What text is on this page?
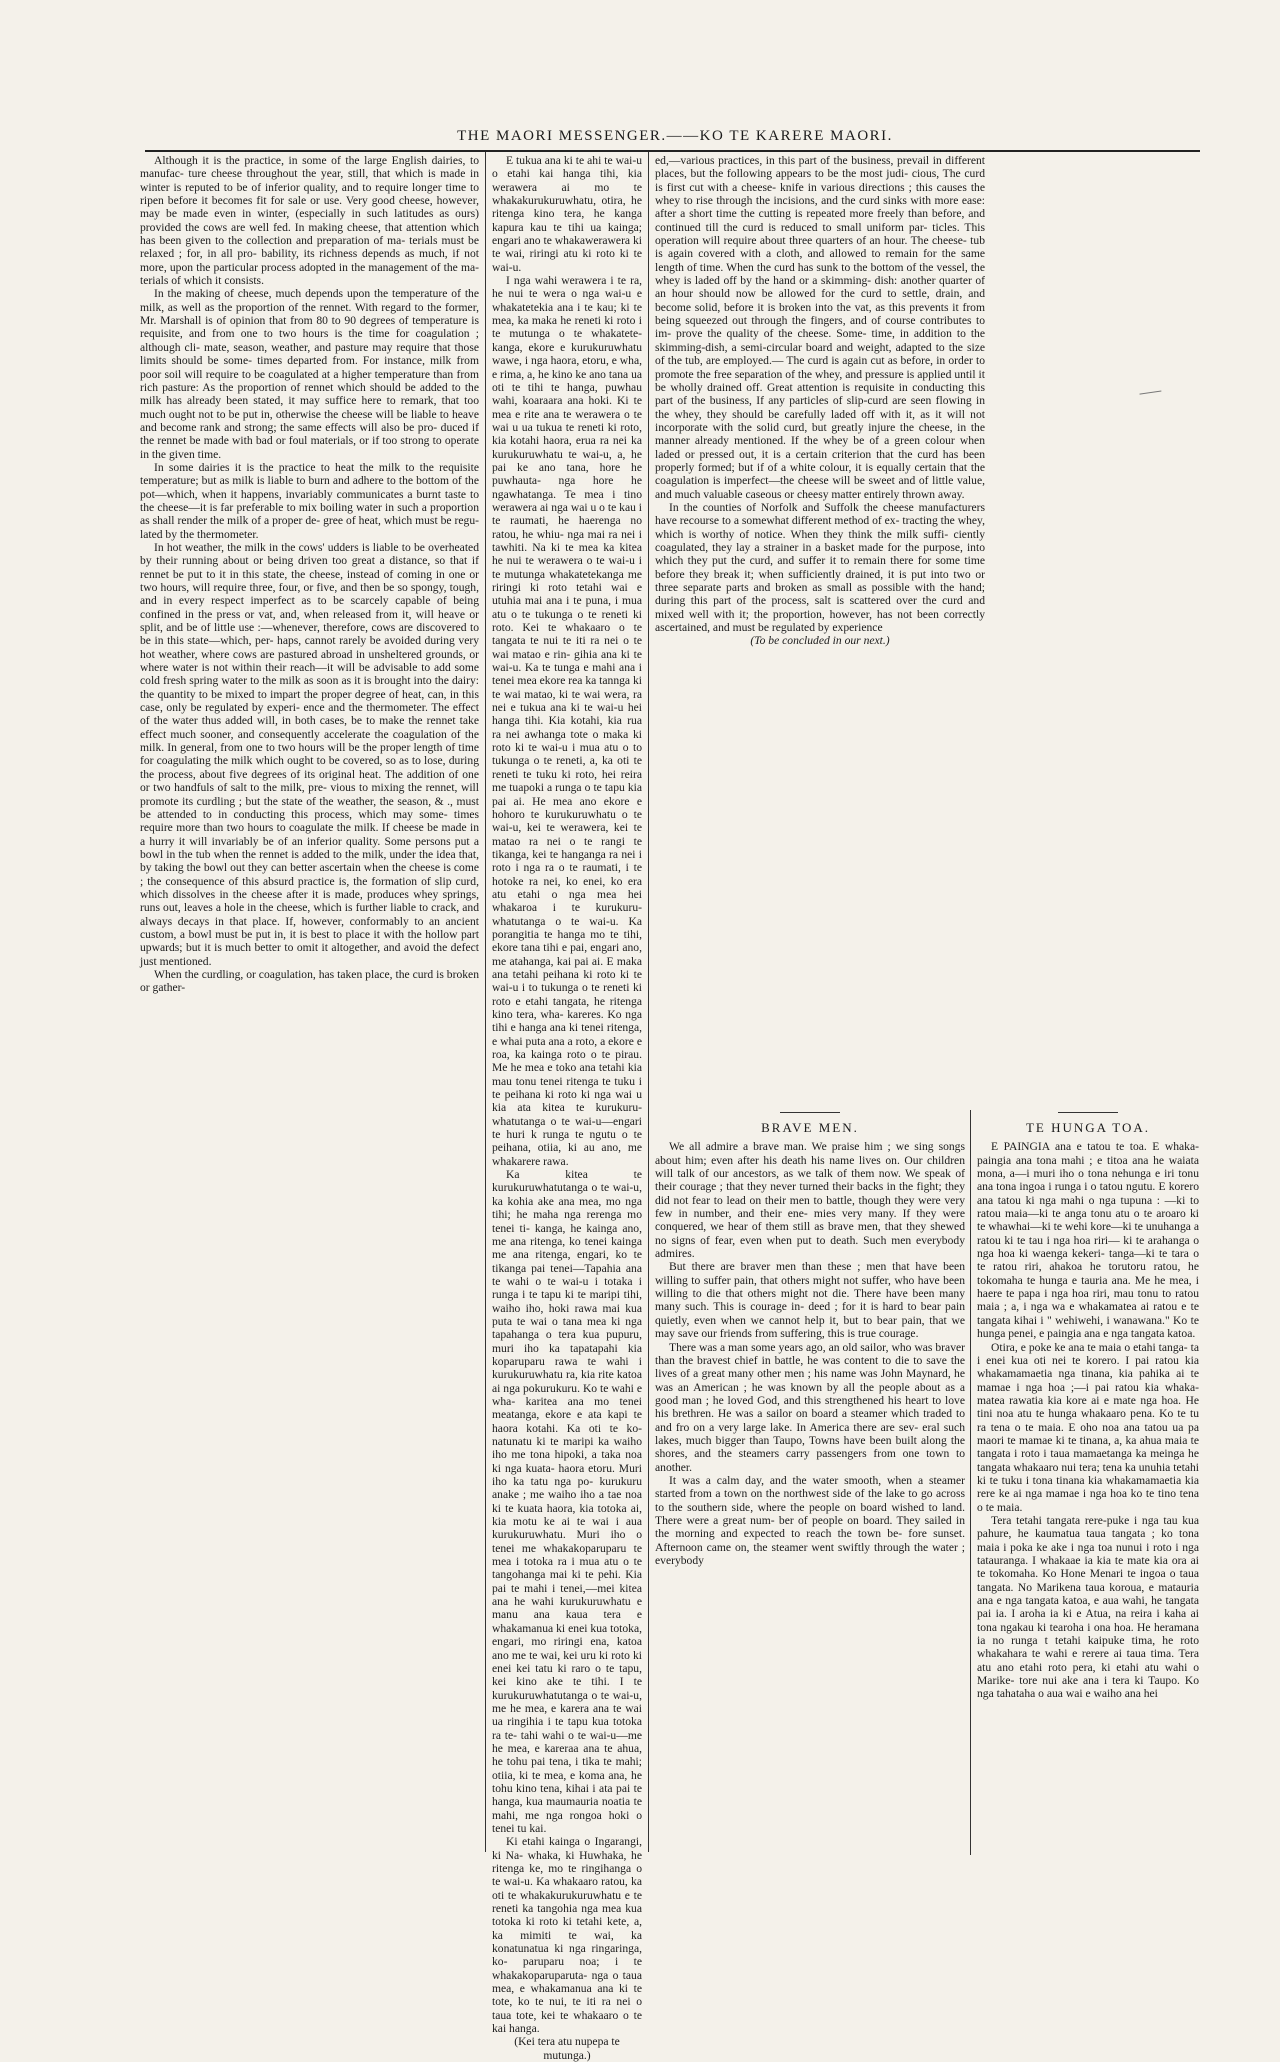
THE MAORI MESSENGER.——KO TE KARERE MAORI.

Although it is the practice, in some of the large English dairies, to manufac- ture cheese throughout the year, still, that which is made in winter is reputed to be of inferior quality, and to require longer time to ripen before it becomes fit for sale or use. Very good cheese, however, may be made even in winter, (especially in such latitudes as ours) provided the cows are well fed. In making cheese, that attention which has been given to the collection and preparation of ma- terials must be relaxed ; for, in all pro- bability, its richness depends as much, if not more, upon the particular process adopted in the management of the ma- terials of which it consists.

In the making of cheese, much depends upon the temperature of the milk, as well as the proportion of the rennet. With regard to the former, Mr. Marshall is of opinion that from 80 to 90 degrees of temperature is requisite, and from one to two hours is the time for coagulation ; although cli- mate, season, weather, and pasture may require that those limits should be some- times departed from. For instance, milk from poor soil will require to be coagulated at a higher temperature than from rich pasture: As the proportion of rennet which should be added to the milk has already been stated, it may suffice here to remark, that too much ought not to be put in, otherwise the cheese will be liable to heave and become rank and strong; the same effects will also be pro- duced if the rennet be made with bad or foul materials, or if too strong to operate in the given time.

In some dairies it is the practice to heat the milk to the requisite temperature; but as milk is liable to burn and adhere to the bottom of the pot—which, when it happens, invariably communicates a burnt taste to the cheese—it is far preferable to mix boiling water in such a proportion as shall render the milk of a proper de- gree of heat, which must be regu- lated by the thermometer.

In hot weather, the milk in the cows' udders is liable to be overheated by their running about or being driven too great a distance, so that if rennet be put to it in this state, the cheese, instead of coming in one or two hours, will require three, four, or five, and then be so spongy, tough, and in every respect imperfect as to be scarcely capable of being confined in the press or vat, and, when released from it, will heave or split, and be of little use :—whenever, therefore, cows are discovered to be in this state—which, per- haps, cannot rarely be avoided during very hot weather, where cows are pastured abroad in unsheltered grounds, or where water is not within their reach—it will be advisable to add some cold fresh spring water to the milk as soon as it is brought into the dairy: the quantity to be mixed to impart the proper degree of heat, can, in this case, only be regulated by experi- ence and the thermometer. The effect of the water thus added will, in both cases, be to make the rennet take effect much sooner, and consequently accelerate the coagulation of the milk. In general, from one to two hours will be the proper length of time for coagulating the milk which ought to be covered, so as to lose, during the process, about five degrees of its original heat. The addition of one or two handfuls of salt to the milk, pre- vious to mixing the rennet, will promote its curdling ; but the state of the weather, the season, & ., must be attended to in conducting this process, which may some- times require more than two hours to coagulate the milk. If cheese be made in a hurry it will invariably be of an inferior quality. Some persons put a bowl in the tub when the rennet is added to the milk, under the idea that, by taking the bowl out they can better ascertain when the cheese is come ; the consequence of this absurd practice is, the formation of slip curd, which dissolves in the cheese after it is made, produces whey springs, runs out, leaves a hole in the cheese, which is further liable to crack, and always decays in that place. If, however, conformably to an ancient custom, a bowl must be put in, it is best to place it with the hollow part upwards; but it is much better to omit it altogether, and avoid the defect just mentioned.

When the curdling, or coagulation, has taken place, the curd is broken or gather-

E tukua ana ki te ahi te wai-u o etahi kai hanga tihi, kia werawera ai mo te whakakurukuruwhatu, otira, he ritenga kino tera, he kanga kapura kau te tihi ua kainga; engari ano te whakawerawera ki te wai, riringi atu ki roto ki te wai-u.

I nga wahi werawera i te ra, he nui te wera o nga wai-u e whakatetekia ana i te kau; ki te mea, ka maka he reneti ki roto i te mutunga o te whakatete- kanga, ekore e kurukuruwhatu wawe, i nga haora, etoru, e wha, e rima, a, he kino ke ano tana ua oti te tihi te hanga, puwhau wahi, koaraara ana hoki. Ki te mea e rite ana te werawera o te wai u ua tukua te reneti ki roto, kia kotahi haora, erua ra nei ka kurukuruwhatu te wai-u, a, he pai ke ano tana, hore he puwhauta- nga hore he ngawhatanga. Te mea i tino werawera ai nga wai u o te kau i te raumati, he haerenga no ratou, he whiu- nga mai ra nei i tawhiti. Na ki te mea ka kitea he nui te werawera o te wai-u i te mutunga whakatetekanga me riringi ki roto tetahi wai e utuhia mai ana i te puna, i mua atu o te tukunga o te reneti ki roto. Kei te whakaaro o te tangata te nui te iti ra nei o te wai matao e rin- gihia ana ki te wai-u. Ka te tunga e mahi ana i tenei mea ekore rea ka tannga ki te wai matao, ki te wai wera, ra nei e tukua ana ki te wai-u hei hanga tihi. Kia kotahi, kia rua ra nei awhanga tote o maka ki roto ki te wai-u i mua atu o to tukunga o te reneti, a, ka oti te reneti te tuku ki roto, hei reira me tuapoki a runga o te tapu kia pai ai. He mea ano ekore e hohoro te kurukuruwhatu o te wai-u, kei te werawera, kei te matao ra nei o te rangi te tikanga, kei te hanganga ra nei i roto i nga ra o te raumati, i te hotoke ra nei, ko enei, ko era atu etahi o nga mea hei whakaroa i te kurukuru- whatutanga o te wai-u. Ka porangitia te hanga mo te tihi, ekore tana tihi e pai, engari ano, me atahanga, kai pai ai. E maka ana tetahi peihana ki roto ki te wai-u i to tukunga o te reneti ki roto e etahi tangata, he ritenga kino tera, wha- kareres. Ko nga tihi e hanga ana ki tenei ritenga, e whai puta ana a roto, a ekore e roa, ka kainga roto o te pirau. Me he mea e toko ana tetahi kia mau tonu tenei ritenga te tuku i te peihana ki roto ki nga wai u kia ata kitea te kurukuru- whatutanga o te wai-u—engari te huri k runga te ngutu o te peihana, otiia, ki au ano, me whakarere rawa.

Ka kitea te kurukuruwhatutanga o te wai-u, ka kohia ake ana mea, mo nga tihi; he maha nga rerenga mo tenei ti- kanga, he kainga ano, me ana ritenga, ko tenei kainga me ana ritenga, engari, ko te tikanga pai tenei—Tapahia ana te wahi o te wai-u i totaka i runga i te tapu ki te maripi tihi, waiho iho, hoki rawa mai kua puta te wai o tana mea ki nga tapahanga o tera kua pupuru, muri iho ka tapatapahi kia koparuparu rawa te wahi i kurukuruwhatu ra, kia rite katoa ai nga pokurukuru. Ko te wahi e wha- karitea ana mo tenei meatanga, ekore e ata kapi te haora kotahi. Ka oti te ko- natunatu ki te maripi ka waiho iho me tona hipoki, a taka noa ki nga kuata- haora etoru. Muri iho ka tatu nga po- kurukuru anake ; me waiho iho a tae noa ki te kuata haora, kia totoka ai, kia motu ke ai te wai i aua kurukuruwhatu. Muri iho o tenei me whakakoparuparu te mea i totoka ra i mua atu o te tangohanga mai ki te pehi. Kia pai te mahi i tenei,—mei kitea ana he wahi kurukuruwhatu e manu ana kaua tera e whakamanua ki enei kua totoka, engari, mo riringi ena, katoa ano me te wai, kei uru ki roto ki enei kei tatu ki raro o te tapu, kei kino ake te tihi. I te kurukuruwhatutanga o te wai-u, me he mea, e karera ana te wai ua ringihia i te tapu kua totoka ra te- tahi wahi o te wai-u—me he mea, e kareraa ana te ahua, he tohu pai tena, i tika te mahi; otiia, ki te mea, e koma ana, he tohu kino tena, kihai i ata pai te hanga, kua maumauria noatia te mahi, me nga rongoa hoki o tenei tu kai.

Ki etahi kainga o Ingarangi, ki Na- whaka, ki Huwhaka, he ritenga ke, mo te ringihanga o te wai-u. Ka whakaaro ratou, ka oti te whakakurukuruwhatu e te reneti ka tangohia nga mea kua totoka ki roto ki tetahi kete, a, ka mimiti te wai, ka konatunatua ki nga ringaringa, ko- paruparu noa; i te whakakoparuparuta- nga o taua mea, e whakamanua ana ki te tote, ko te nui, te iti ra nei o taua tote, kei te whakaaro o te kai hanga.

(Kei tera atu nupepa te mutunga.)

ed,—various practices, in this part of the business, prevail in different places, but the following appears to be the most judi- cious, The curd is first cut with a cheese- knife in various directions ; this causes the whey to rise through the incisions, and the curd sinks with more ease: after a short time the cutting is repeated more freely than before, and continued till the curd is reduced to small uniform par- ticles. This operation will require about three quarters of an hour. The cheese- tub is again covered with a cloth, and allowed to remain for the same length of time. When the curd has sunk to the bottom of the vessel, the whey is laded off by the hand or a skimming- dish: another quarter of an hour should now be allowed for the curd to settle, drain, and become solid, before it is broken into the vat, as this prevents it from being squeezed out through the fingers, and of course contributes to im- prove the quality of the cheese. Some- time, in addition to the skimming-dish, a semi-circular board and weight, adapted to the size of the tub, are employed.— The curd is again cut as before, in order to promote the free separation of the whey, and pressure is applied until it be wholly drained off. Great attention is requisite in conducting this part of the business, If any particles of slip-curd are seen flowing in the whey, they should be carefully laded off with it, as it will not incorporate with the solid curd, but greatly injure the cheese, in the manner already mentioned. If the whey be of a green colour when laded or pressed out, it is a certain criterion that the curd has been properly formed; but if of a white colour, it is equally certain that the coagulation is imperfect—the cheese will be sweet and of little value, and much valuable caseous or cheesy matter entirely thrown away.

In the counties of Norfolk and Suffolk the cheese manufacturers have recourse to a somewhat different method of ex- tracting the whey, which is worthy of notice. When they think the milk suffi- ciently coagulated, they lay a strainer in a basket made for the purpose, into which they put the curd, and suffer it to remain there for some time before they break it; when sufficiently drained, it is put into two or three separate parts and broken as small as possible with the hand; during this part of the process, salt is scattered over the curd and mixed well with it; the proportion, however, has not been correctly ascertained, and must be regulated by experience

(To be concluded in our next.)

BRAVE MEN.

We all admire a brave man. We praise him ; we sing songs about him; even after his death his name lives on. Our children will talk of our ancestors, as we talk of them now. We speak of their courage ; that they never turned their backs in the fight; they did not fear to lead on their men to battle, though they were very few in number, and their ene- mies very many. If they were conquered, we hear of them still as brave men, that they shewed no signs of fear, even when put to death. Such men everybody admires.

But there are braver men than these ; men that have been willing to suffer pain, that others might not suffer, who have been willing to die that others might not die. There have been many many such. This is courage in- deed ; for it is hard to bear pain quietly, even when we cannot help it, but to bear pain, that we may save our friends from suffering, this is true courage.

There was a man some years ago, an old sailor, who was braver than the bravest chief in battle, he was content to die to save the lives of a great many other men ; his name was John Maynard, he was an American ; he was known by all the people about as a good man ; he loved God, and this strengthened his heart to love his brethren. He was a sailor on board a steamer which traded to and fro on a very large lake. In America there are sev- eral such lakes, much bigger than Taupo, Towns have been built along the shores, and the steamers carry passengers from one town to another.

It was a calm day, and the water smooth, when a steamer started from a town on the northwest side of the lake to go across to the southern side, where the people on board wished to land. There were a great num- ber of people on board. They sailed in the morning and expected to reach the town be- fore sunset. Afternoon came on, the steamer went swiftly through the water ; everybody

TE HUNGA TOA.

E PAINGIA ana e tatou te toa. E whaka- paingia ana tona mahi ; e titoa ana he waiata mona, a—i muri iho o tona nehunga e iri tonu ana tona ingoa i runga i o tatou ngutu. E korero ana tatou ki nga mahi o nga tupuna : —ki to ratou maia—ki te anga tonu atu o te aroaro ki te whawhai—ki te wehi kore—ki te unuhanga a ratou ki te tau i nga hoa riri— ki te arahanga o nga hoa ki waenga kekeri- tanga—ki te tara o te ratou riri, ahakoa he torutoru ratou, he tokomaha te hunga e tauria ana. Me he mea, i haere te papa i nga hoa riri, mau tonu to ratou maia ; a, i nga wa e whakamatea ai ratou e te tangata kihai i " wehiwehi, i wanawana." Ko te hunga penei, e paingia ana e nga tangata katoa.

Otira, e poke ke ana te maia o etahi tanga- ta i enei kua oti nei te korero. I pai ratou kia whakamamaetia nga tinana, kia pahika ai te mamae i nga hoa ;—i pai ratou kia whaka- matea rawatia kia kore ai e mate nga hoa. He tini noa atu te hunga whakaaro pena. Ko te tu ra tena o te maia. E oho noa ana tatou ua pa maori te mamae ki te tinana, a, ka ahua maia te tangata i roto i taua mamaetanga ka meinga he tangata whakaaro nui tera; tena ka unuhia tetahi ki te tuku i tona tinana kia whakamamaetia kia rere ke ai nga mamae i nga hoa ko te tino tena o te maia.

Tera tetahi tangata rere-puke i nga tau kua pahure, he kaumatua taua tangata ; ko tona maia i poka ke ake i nga toa nunui i roto i nga tatauranga. I whakaae ia kia te mate kia ora ai te tokomaha. Ko Hone Menari te ingoa o taua tangata. No Marikena taua koroua, e matauria ana e nga tangata katoa, e aua wahi, he tangata pai ia. I aroha ia ki e Atua, na reira i kaha ai tona ngakau ki tearoha i ona hoa. He heramana ia no runga t tetahi kaipuke tima, he roto whakahara te wahi e rerere ai taua tima. Tera atu ano etahi roto pera, ki etahi atu wahi o Marike- tore nui ake ana i tera ki Taupo. Ko nga tahataha o aua wai e waiho ana hei
